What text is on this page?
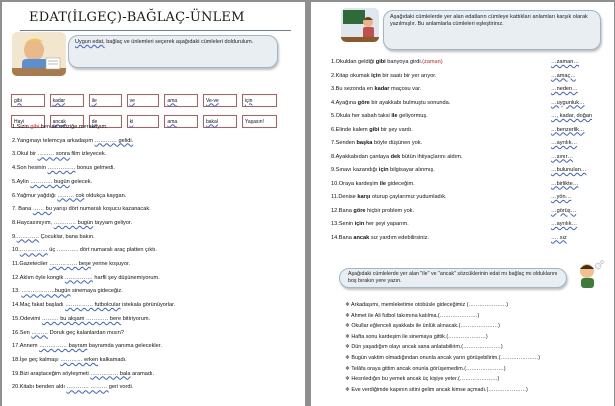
EDAT(İLGEÇ)-BAĞLAÇ-ÜNLEM
Uygun edat, bağlaç ve ünlemleri seçerek aşağıdaki cümleleri doldurulum.
gibi	kadar	ile	ve	ama	Ve-ve	için
Hayi	ancak	de	ki	ama	bakal	Yaşasın!
1.Sizin gibi ben de müziğe meraklıyım.
2.Yangınayı telemcya arkadaşım ………… gelidi.
3.Okul bir ……… sonra film izleyecek.
4.Son hesinin …………… bonus gelmedi.
5.Aylin ………… bugün gelecek.
6.Yağmur yağdığı ……… cok oldukça kaygan.
7. Bana …… bu yarışı dört numaralı koşucu kazanacak.
8.Haycasınıyım, ………… bugün tayyam geliyor.
9.………… Çocuklar, bana bakın.
10.…………… üç .……….. dört numaralı araç platten çıktı.
11.Gazeteciler …………… beşe yerine koşuyor.
12.Aklım öyle kongik …………… harfli şey düşünemiyorum.
13. ………………bugün sinemaya gideceğiz.
14.Maç fakat başladı …………… futbolcular istekala görünüyorlar.
15.Odevimi ……… bu akşam ………… bere bitiriyorum.
16.Sen ……… Doruk geç kalanlardan mısın?
17.Annem …………… bayram bayramda yanıma gelecekler.
18.İşe geç kalmaşı ………… erken kalkamadı.
19.Bizi araştaceğim söyleşmeti …………… bala aramadı.
20.Kitabı benden aldı ………… ……… geri vordi.
Aşağıdaki cümlelerde yer alan edatların cümleye kattıkları anlamları karşık olarak yazılmışlır. Bu anlamlarla cümleleri eşleştirinız.
1.Okuldan geldiği gibi banyoya girdi.(zaman)	…zaman…
2.Kitap okumak için bir saatı bir yer arıyor.	…amaç…
3.Bu sezonda en kadar maçosu var.	…neden…
4.Ayağına göre bir ayakkabı bulmuştu sonunda.	…uygunluk…
5.Okula her sabah taksi ile geliyormuş.	…, kadar, doğan
6.Elinde kalem gibi bir şey vardı.	…benzerlik…
7.Senden başka böyle düşünen yok.	…ayrılık…
8.Ayakkabıdan çantaya dek bütün ihtiyaçlarını aldım.	…sınır…
9.Sınavı kazandığı için bilgisayar alınmış.	…bulunulan…
10.Oraya kardeşim ile gideceğim.	…birlikte…
11.Denise karşı oturup çaylarımız yudumladık.	…yön…
12.Bana göre hiçbir problem yok.	…görüş…
13.Senin için her şeyi yaparım.	…ayrılık…
14.Bana ancak sız yardım edebilirsiniz.	…. sız
Aşağıdaki cümlelerde yer alan "ile" ve "ancak" sözcüklerinin edat mı bağlaç mı olduklarını boş bırakın yere yazın.
❖ Arkadaşımı, memleketime otobüsle gideceğimiz (…………………)
❖ Ahmet ile Ali futbol takımına katılma.(…………………)
❖ Okullar eğlenceli ayakkabı ile ünlük alınacak.(…………………)
❖ Hafta sonu kardeşim ile sinemaya gittik.(…………………)
❖ Dün yaşadığım olayı ancak sana anlatabilirim.(…………………)
❖ Bugün vaktim olmadığından onunla ancak yarın görüşebilirim.(…………………)
❖ Telâfa oraya gittim ancak onunla görüşemedim.(…………………)
❖ Hesrıledığın bu yemek ancak üç kişiye yeter.(…………………)
❖ Eve verdiğimde kapının sitini gelim ancak kimse açmadı.(…………………)
